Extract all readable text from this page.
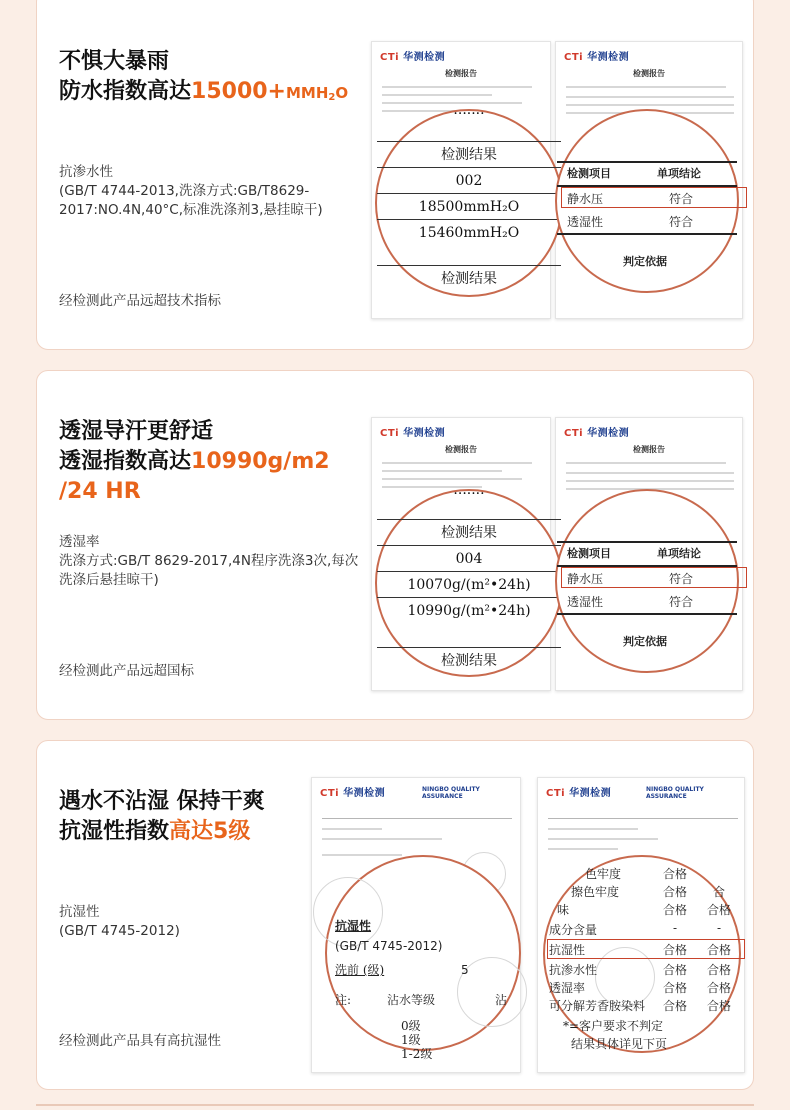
不惧大暴雨
防水指数高达15000+MMH2O
抗渗水性
(GB/T 4744-2013,洗涤方式:GB/T8629-2017:NO.4N,40°C,标准洗涤剂3,悬挂晾干)
经检测此产品远超技术指标
CTi 华测检测
检测报告
CTi 华测检测
检测报告
·······
检测结果
002
18500mmH₂O
15460mmH₂O
检测结果
检测项目	单项结论
静水压	符合
透湿性	符合
判定依据
透湿导汗更舒适
透湿指数高达10990g/m2
/24 HR
透湿率
洗涤方式:GB/T 8629-2017,4N程序洗涤3次,每次洗涤后悬挂晾干)
经检测此产品远超国标
CTi 华测检测
检测报告
CTi 华测检测
检测报告
·······
检测结果
004
10070g/(m²•24h)
10990g/(m²•24h)
检测结果
检测项目	单项结论
静水压	符合
透湿性	符合
判定依据
遇水不沾湿 保持干爽
抗湿性指数高达5级
抗湿性
(GB/T 4745-2012)
经检测此产品具有高抗湿性
CTi 华测检测	NINGBO QUALITY ASSURANCE	CTi 华测检测	NINGBO QUALITY ASSURANCE
抗湿性
(GB/T 4745-2012)
洗前 (级)	5
注:	沾水等级	沾
0级
1级
1-2级
色牢度	合格
擦色牢度	合格 合
味	合格 合格
成分含量	-	-
抗湿性	合格 合格
抗渗水性	合格 合格
透湿率	合格 合格
可分解芳香胺染料 合格 合格
*=客户要求不判定
结果具体详见下页
